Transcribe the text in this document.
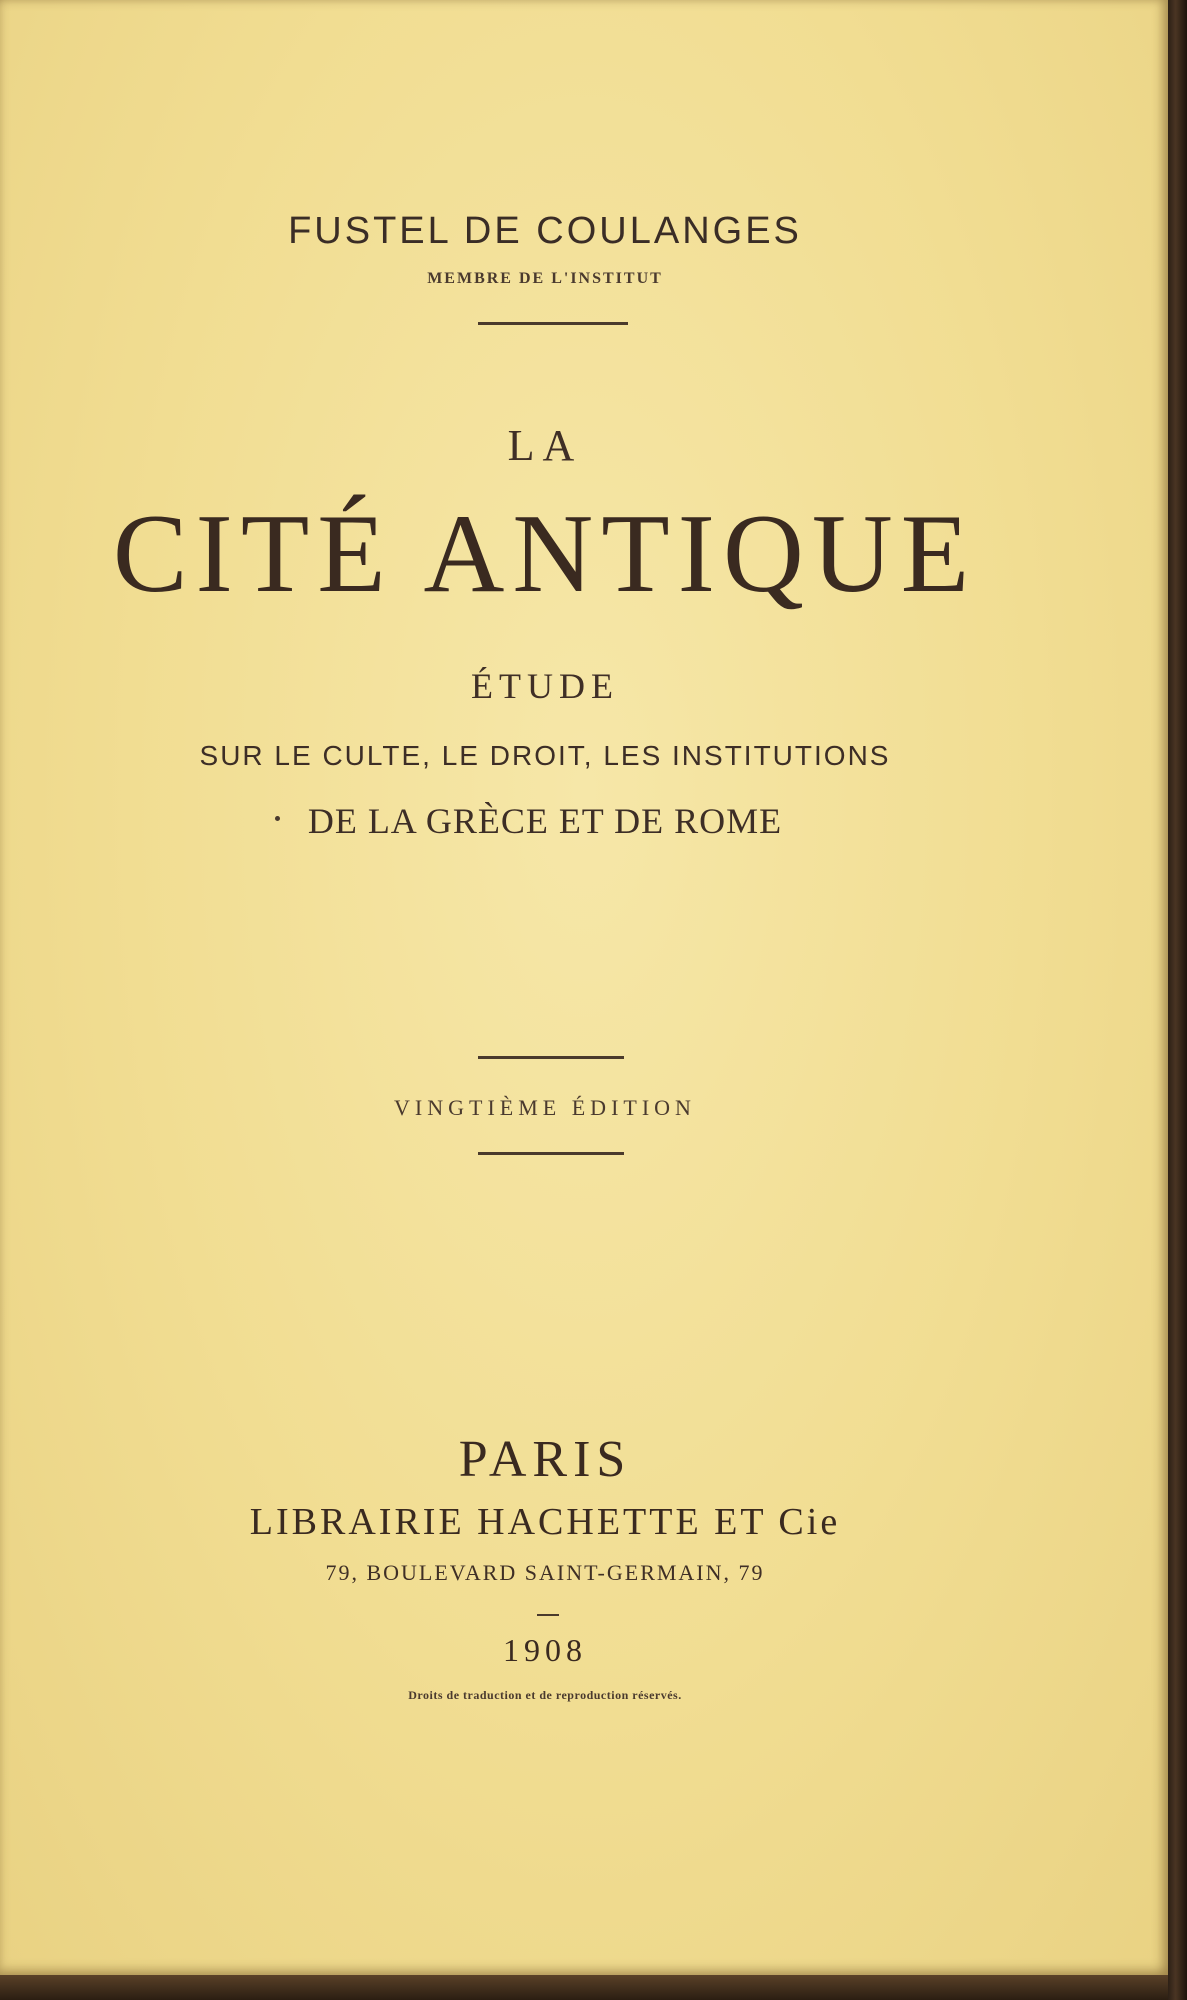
FUSTEL DE COULANGES
MEMBRE DE L'INSTITUT
LA
CITÉ ANTIQUE
ÉTUDE
SUR LE CULTE, LE DROIT, LES INSTITUTIONS
DE LA GRÈCE ET DE ROME
VINGTIÈME ÉDITION
PARIS
LIBRAIRIE HACHETTE ET Cie
79, BOULEVARD SAINT-GERMAIN, 79
1908
Droits de traduction et de reproduction réservés.
